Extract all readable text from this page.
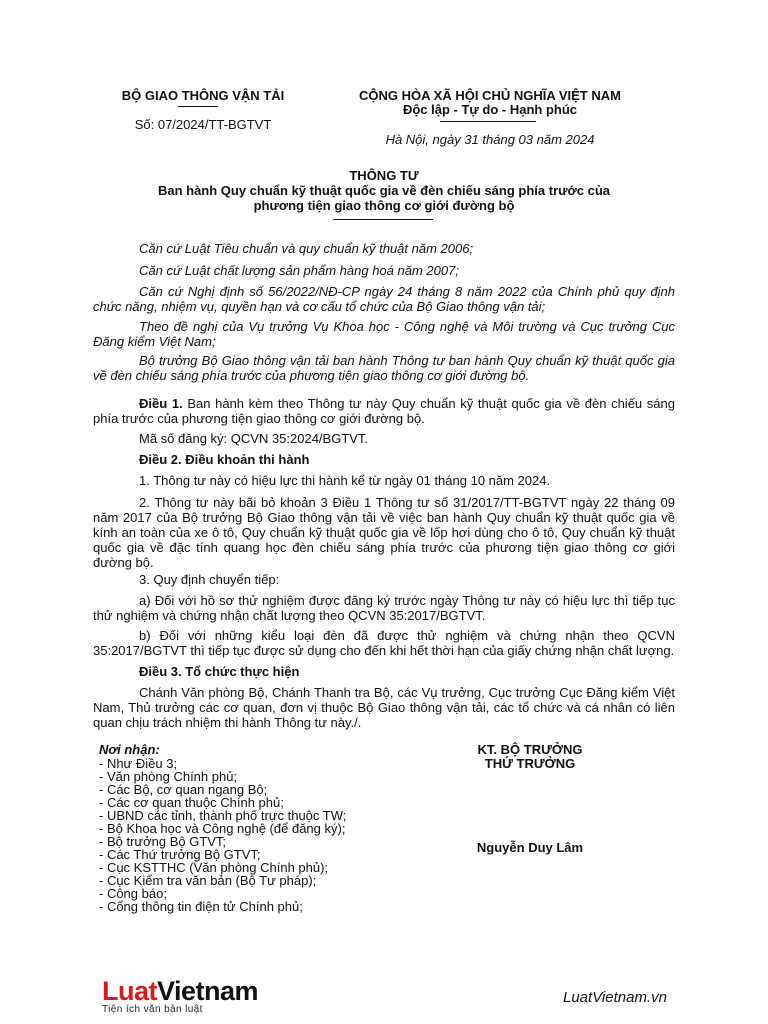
BỘ GIAO THÔNG VẬN TẢI
Số: 07/2024/TT-BGTVT
CỘNG HÒA XÃ HỘI CHỦ NGHĨA VIỆT NAM
Độc lập - Tự do - Hạnh phúc
Hà Nội, ngày 31 tháng 03 năm 2024
THÔNG TƯ
Ban hành Quy chuẩn kỹ thuật quốc gia về đèn chiếu sáng phía trước của
phương tiện giao thông cơ giới đường bộ
Căn cứ Luật Tiêu chuẩn và quy chuẩn kỹ thuật năm 2006;
Căn cứ Luật chất lượng sản phẩm hàng hoá năm 2007;
Căn cứ Nghị định số 56/2022/NĐ-CP ngày 24 tháng 8 năm 2022 của Chính phủ quy định chức năng, nhiệm vụ, quyền hạn và cơ cấu tổ chức của Bộ Giao thông vận tải;
Theo đề nghị của Vụ trưởng Vụ Khoa học - Công nghệ và Môi trường và Cục trưởng Cục Đăng kiểm Việt Nam;
Bộ trưởng Bộ Giao thông vận tải ban hành Thông tư ban hành Quy chuẩn kỹ thuật quốc gia về đèn chiếu sáng phía trước của phương tiện giao thông cơ giới đường bộ.
Điều 1. Ban hành kèm theo Thông tư này Quy chuẩn kỹ thuật quốc gia về đèn chiếu sáng phía trước của phương tiện giao thông cơ giới đường bộ.
Mã số đăng ký: QCVN 35:2024/BGTVT.
Điều 2. Điều khoản thi hành
1. Thông tư này có hiệu lực thi hành kể từ ngày 01 tháng 10 năm 2024.
2. Thông tư này bãi bỏ khoản 3 Điều 1 Thông tư số 31/2017/TT-BGTVT ngày 22 tháng 09 năm 2017 của Bộ trưởng Bộ Giao thông vận tải về việc ban hành Quy chuẩn kỹ thuật quốc gia về kính an toàn của xe ô tô, Quy chuẩn kỹ thuật quốc gia về lốp hơi dùng cho ô tô, Quy chuẩn kỹ thuật quốc gia về đặc tính quang học đèn chiếu sáng phía trước của phương tiện giao thông cơ giới đường bộ.
3. Quy định chuyển tiếp:
a) Đối với hồ sơ thử nghiệm được đăng ký trước ngày Thông tư này có hiệu lực thì tiếp tục thử nghiệm và chứng nhận chất lượng theo QCVN 35:2017/BGTVT.
b) Đối với những kiểu loại đèn đã được thử nghiệm và chứng nhận theo QCVN 35:2017/BGTVT thì tiếp tục được sử dụng cho đến khi hết thời hạn của giấy chứng nhận chất lượng.
Điều 3. Tổ chức thực hiện
Chánh Văn phòng Bộ, Chánh Thanh tra Bộ, các Vụ trưởng, Cục trưởng Cục Đăng kiểm Việt Nam, Thủ trưởng các cơ quan, đơn vị thuộc Bộ Giao thông vận tải, các tổ chức và cá nhân có liên quan chịu trách nhiệm thi hành Thông tư này./.
Nơi nhận:
- Như Điều 3;
- Văn phòng Chính phủ;
- Các Bộ, cơ quan ngang Bộ;
- Các cơ quan thuộc Chính phủ;
- UBND các tỉnh, thành phố trực thuộc TW;
- Bộ Khoa học và Công nghệ (để đăng ký);
- Bộ trưởng Bộ GTVT;
- Các Thứ trưởng Bộ GTVT;
- Cục KSTTHC (Văn phòng Chính phủ);
- Cục Kiểm tra văn bản (Bộ Tư pháp);
- Công báo;
- Cổng thông tin điện tử Chính phủ;
KT. BỘ TRƯỞNG
THỨ TRƯỞNG
Nguyễn Duy Lâm
LuatVietnam
Tiện ích văn bản luật
LuatVietnam.vn
